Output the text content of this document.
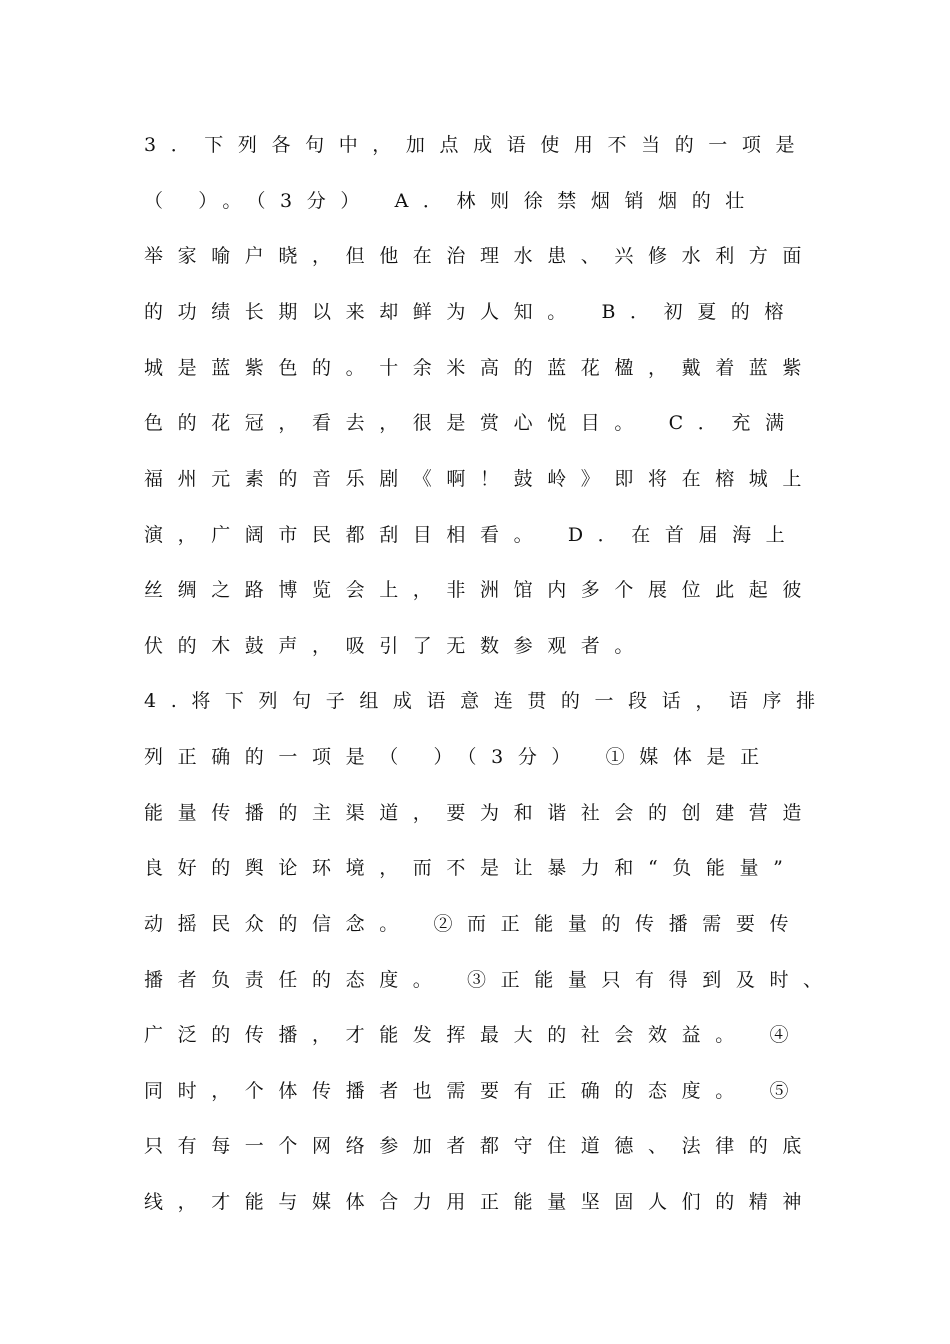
3．下列各句中，加点成语使用不当的一项是
（ ）。（3分） A．林则徐禁烟销烟的壮
举家喻户晓，但他在治理水患、兴修水利方面
的功绩长期以来却鲜为人知。 B．初夏的榕
城是蓝紫色的。十余米高的蓝花楹，戴着蓝紫
色的花冠，看去，很是赏心悦目。 C．充满
福州元素的音乐剧《啊！鼓岭》即将在榕城上
演，广阔市民都刮目相看。 D．在首届海上
丝绸之路博览会上，非洲馆内多个展位此起彼
伏的木鼓声，吸引了无数参观者。
4.将下列句子组成语意连贯的一段话，语序排
列正确的一项是（ ）（3分） ①媒体是正
能量传播的主渠道，要为和谐社会的创建营造
良好的舆论环境，而不是让暴力和“负能量”
动摇民众的信念。 ②而正能量的传播需要传
播者负责任的态度。 ③正能量只有得到及时、
广泛的传播，才能发挥最大的社会效益。 ④
同时，个体传播者也需要有正确的态度。 ⑤
只有每一个网络参加者都守住道德、法律的底
线，才能与媒体合力用正能量坚固人们的精神
